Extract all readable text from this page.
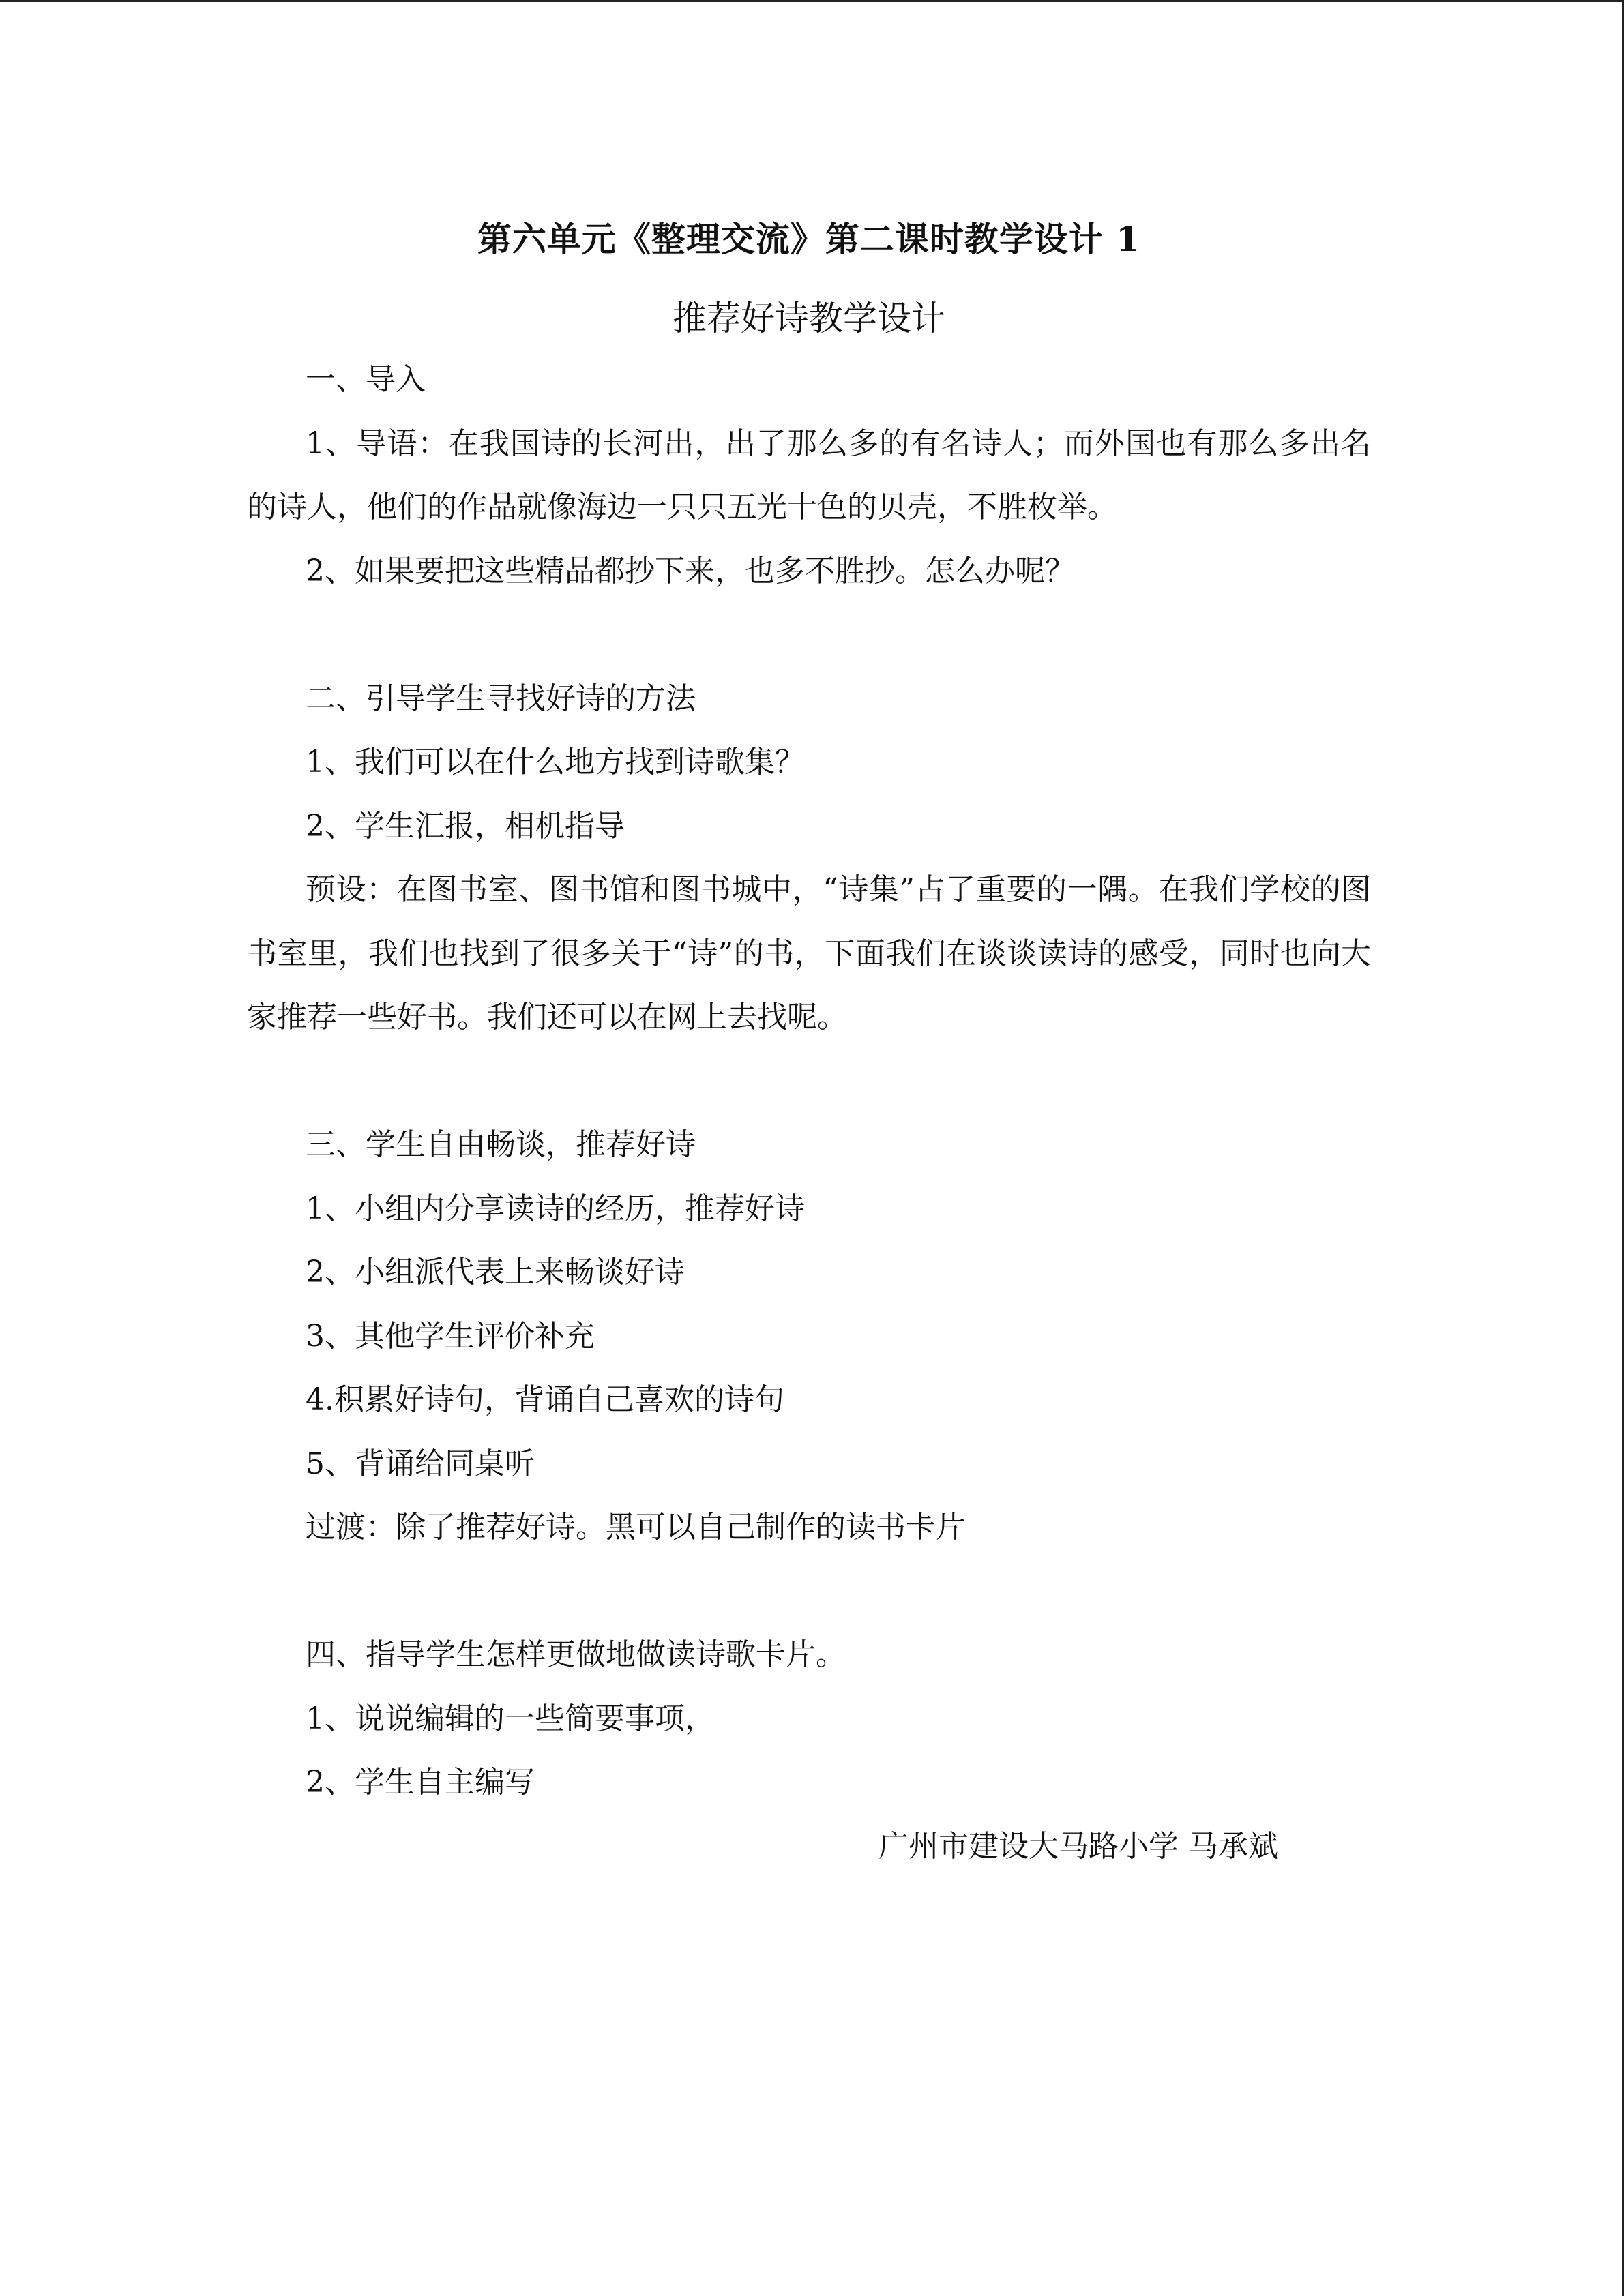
第六单元《整理交流》第二课时教学设计 1
推荐好诗教学设计

一、导入

1、导语：在我国诗的长河出，出了那么多的有名诗人；而外国也有那么多出名的诗人，他们的作品就像海边一只只五光十色的贝壳，不胜枚举。

2、如果要把这些精品都抄下来，也多不胜抄。怎么办呢？

二、引导学生寻找好诗的方法

1、我们可以在什么地方找到诗歌集？

2、学生汇报，相机指导

预设：在图书室、图书馆和图书城中，“诗集”占了重要的一隅。在我们学校的图书室里，我们也找到了很多关于“诗”的书，下面我们在谈谈读诗的感受，同时也向大家推荐一些好书。我们还可以在网上去找呢。

三、学生自由畅谈，推荐好诗

1、小组内分享读诗的经历，推荐好诗

2、小组派代表上来畅谈好诗

3、其他学生评价补充

4.积累好诗句，背诵自己喜欢的诗句

5、背诵给同桌听

过渡：除了推荐好诗。黑可以自己制作的读书卡片

四、指导学生怎样更做地做读诗歌卡片。

1、说说编辑的一些简要事项，

2、学生自主编写

广州市建设大马路小学 马承斌
